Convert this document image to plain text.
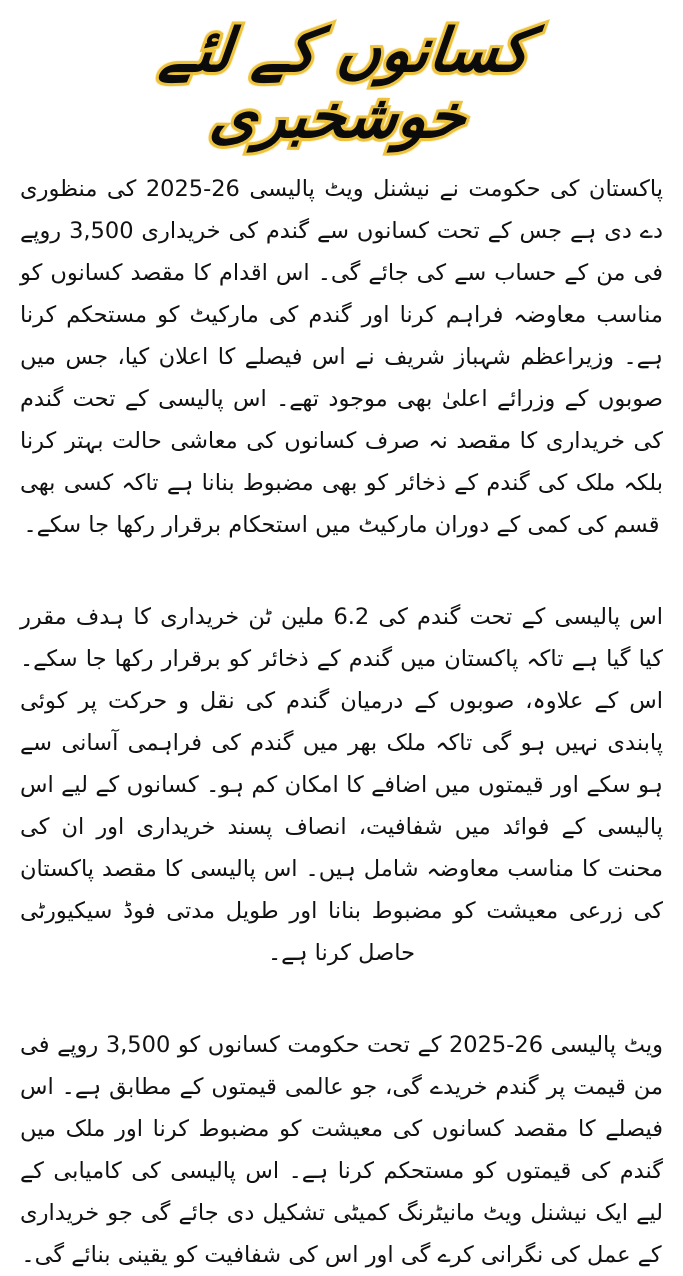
کسانوں کے لئے خوشخبری

پاکستان کی حکومت نے نیشنل ویٹ پالیسی 26-2025 کی منظوری دے دی ہے جس کے تحت کسانوں سے گندم کی خریداری 3,500 روپے فی من کے حساب سے کی جائے گی۔ اس اقدام کا مقصد کسانوں کو مناسب معاوضہ فراہم کرنا اور گندم کی مارکیٹ کو مستحکم کرنا ہے۔ وزیراعظم شہباز شریف نے اس فیصلے کا اعلان کیا، جس میں صوبوں کے وزرائے اعلیٰ بھی موجود تھے۔ اس پالیسی کے تحت گندم کی خریداری کا مقصد نہ صرف کسانوں کی معاشی حالت بہتر کرنا بلکہ ملک کی گندم کے ذخائر کو بھی مضبوط بنانا ہے تاکہ کسی بھی قسم کی کمی کے دوران مارکیٹ میں استحکام برقرار رکھا جا سکے۔

اس پالیسی کے تحت گندم کی 6.2 ملین ٹن خریداری کا ہدف مقرر کیا گیا ہے تاکہ پاکستان میں گندم کے ذخائر کو برقرار رکھا جا سکے۔ اس کے علاوہ، صوبوں کے درمیان گندم کی نقل و حرکت پر کوئی پابندی نہیں ہو گی تاکہ ملک بھر میں گندم کی فراہمی آسانی سے ہو سکے اور قیمتوں میں اضافے کا امکان کم ہو۔ کسانوں کے لیے اس پالیسی کے فوائد میں شفافیت، انصاف پسند خریداری اور ان کی محنت کا مناسب معاوضہ شامل ہیں۔ اس پالیسی کا مقصد پاکستان کی زرعی معیشت کو مضبوط بنانا اور طویل مدتی فوڈ سیکیورٹی حاصل کرنا ہے۔

ویٹ پالیسی 26-2025 کے تحت حکومت کسانوں کو 3,500 روپے فی من قیمت پر گندم خریدے گی، جو عالمی قیمتوں کے مطابق ہے۔ اس فیصلے کا مقصد کسانوں کی معیشت کو مضبوط کرنا اور ملک میں گندم کی قیمتوں کو مستحکم کرنا ہے۔ اس پالیسی کی کامیابی کے لیے ایک نیشنل ویٹ مانیٹرنگ کمیٹی تشکیل دی جائے گی جو خریداری کے عمل کی نگرانی کرے گی اور اس کی شفافیت کو یقینی بنائے گی۔
